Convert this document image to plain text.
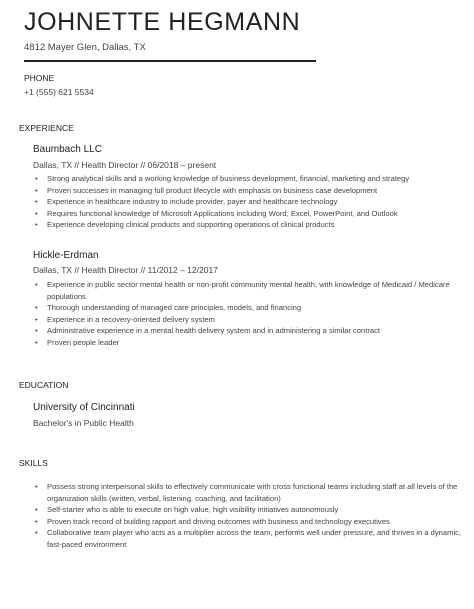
JOHNETTE HEGMANN
4812 Mayer Glen, Dallas, TX
PHONE
+1 (555) 621 5534
EXPERIENCE
Baumbach LLC
Dallas, TX // Health Director // 06/2018 – present
• Strong analytical skills and a working knowledge of business development, financial, marketing and strategy
• Proven successes in managing full product lifecycle with emphasis on business case development
• Experience in healthcare industry to include provider, payer and healthcare technology
• Requires functional knowledge of Microsoft Applications including Word, Excel, PowerPoint, and Outlook
• Experience developing clinical products and supporting operations of clinical products
Hickle-Erdman
Dallas, TX // Health Director // 11/2012 – 12/2017
• Experience in public sector mental health or non-profit community mental health, with knowledge of Medicaid / Medicare populations
• Thorough understanding of managed care principles, models, and financing
• Experience in a recovery-oriented delivery system
• Administrative experience in a mental health delivery system and in administering a similar contract
• Proven people leader
EDUCATION
University of Cincinnati
Bachelor's in Public Health
SKILLS
• Possess strong interpersonal skills to effectively communicate with cross functional teams including staff at all levels of the organization skills (written, verbal, listening, coaching, and facilitation)
• Self-starter who is able to execute on high value, high visibility initiatives autonomously
• Proven track record of building rapport and driving outcomes with business and technology executives
• Collaborative team player who acts as a multiplier across the team, performs well under pressure, and thrives in a dynamic, fast-paced environment
